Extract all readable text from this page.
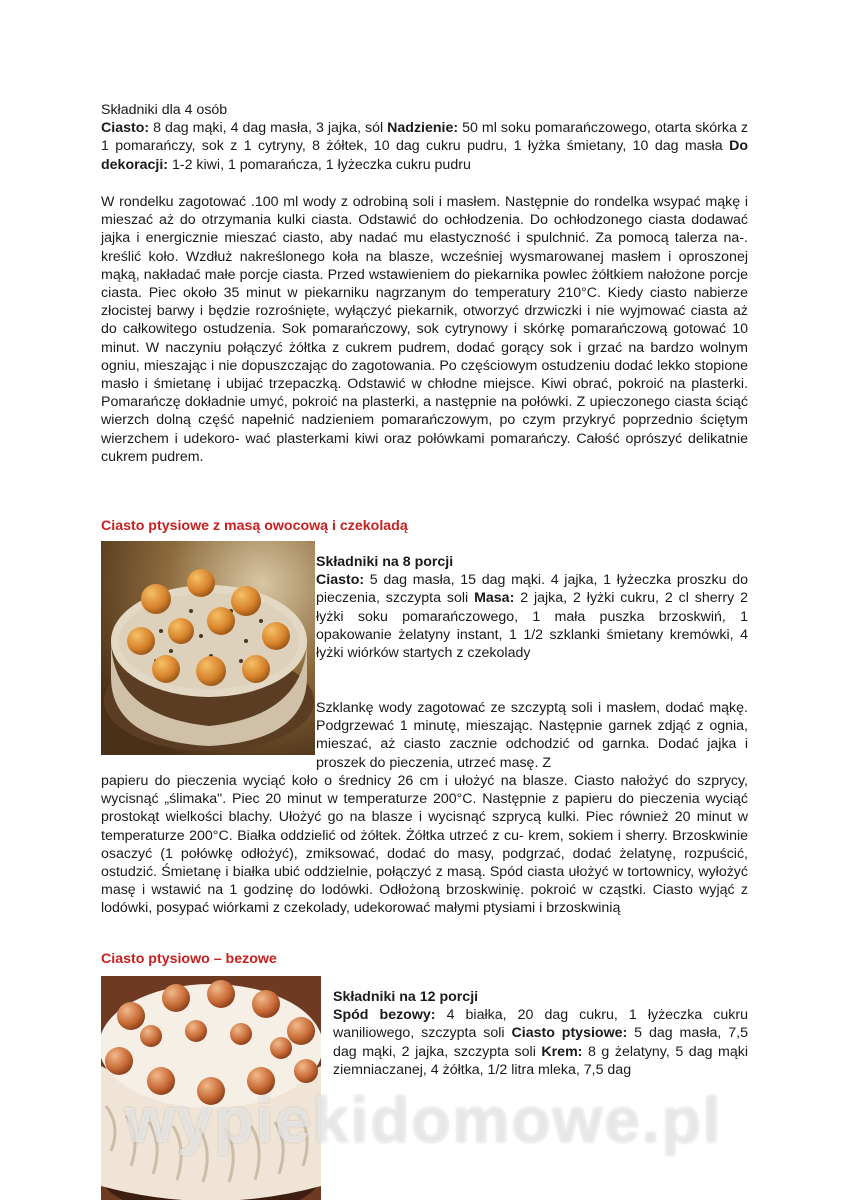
Składniki dla 4 osób

Ciasto: 8 dag mąki, 4 dag masła, 3 jajka, sól Nadzienie: 50 ml soku pomarańczowego, otarta skórka z 1 pomarańczy, sok z 1 cytryny, 8 żółtek, 10 dag cukru pudru, 1 łyżka śmietany, 10 dag masła Do dekoracji: 1-2 kiwi, 1 pomarańcza, 1 łyżeczka cukru pudru

W rondelku zagotować .100 ml wody z odrobiną soli i masłem. Następnie do rondelka wsypać mąkę i mieszać aż do otrzymania kulki ciasta. Odstawić do ochłodzenia. Do ochłodzonego ciasta dodawać jajka i energicznie mieszać ciasto, aby nadać mu elastyczność i spulchnić. Za pomocą talerza na-. kreślić koło. Wzdłuż nakreślonego koła na blasze, wcześniej wysmarowanej masłem i oproszonej mąką, nakładać małe porcje ciasta. Przed wstawieniem do piekarnika powlec żółtkiem nałożone porcje ciasta. Piec około 35 minut w piekarniku nagrzanym do temperatury 210°C. Kiedy ciasto nabierze złocistej barwy i będzie rozrośnięte, wyłączyć piekarnik, otworzyć drzwiczki i nie wyjmować ciasta aż do całkowitego ostudzenia. Sok pomarańczowy, sok cytrynowy i skórkę pomarańczową gotować 10 minut. W naczyniu połączyć żółtka z cukrem pudrem, dodać gorący sok i grzać na bardzo wolnym ogniu, mieszając i nie dopuszczając do zagotowania. Po częściowym ostudzeniu dodać lekko stopione masło i śmietanę i ubijać trzepaczką. Odstawić w chłodne miejsce. Kiwi obrać, pokroić na plasterki. Pomarańczę dokładnie umyć, pokroić na plasterki, a następnie na połówki. Z upieczonego ciasta ściąć wierzch dolną część napełnić nadzieniem pomarańczowym, po czym przykryć poprzednio ściętym wierzchem i udekoro- wać plasterkami kiwi oraz połówkami pomarańczy. Całość oprószyć delikatnie cukrem pudrem.

Ciasto ptysiowe z masą owocową i czekoladą

Składniki na 8 porcji

Ciasto: 5 dag masła, 15 dag mąki. 4 jajka, 1 łyżeczka proszku do pieczenia, szczypta soli Masa: 2 jajka, 2 łyżki cukru, 2 cl sherry 2 łyżki soku pomarańczowego, 1 mała puszka brzoskwiń, 1 opakowanie żelatyny instant, 1 1/2 szklanki śmietany kremówki, 4 łyżki wiórków startych z czekolady

Szklankę wody zagotować ze szczyptą soli i masłem, dodać mąkę. Podgrzewać 1 minutę, mieszając. Następnie garnek zdjąć z ognia, mieszać, aż ciasto zacznie odchodzić od garnka. Dodać jajka i proszek do pieczenia, utrzeć masę. Z

papieru do pieczenia wyciąć koło o średnicy 26 cm i ułożyć na blasze. Ciasto nałożyć do szprycy, wycisnąć „ślimaka". Piec 20 minut w temperaturze 200°C. Następnie z papieru do pieczenia wyciąć prostokąt wielkości blachy. Ułożyć go na blasze i wycisnąć szprycą kulki. Piec również 20 minut w temperaturze 200°C. Białka oddzielić od żółtek. Żółtka utrzeć z cu- krem, sokiem i sherry. Brzoskwinie osaczyć (1 połówkę odłożyć), zmiksować, dodać do masy, podgrzać, dodać żelatynę, rozpuścić, ostudzić. Śmietanę i białka ubić oddzielnie, połączyć z masą. Spód ciasta ułożyć w tortownicy, wyłożyć masę i wstawić na 1 godzinę do lodówki. Odłożoną brzoskwinię. pokroić w cząstki. Ciasto wyjąć z lodówki, posypać wiórkami z czekolady, udekorować małymi ptysiami i brzoskwinią

Ciasto ptysiowo – bezowe

Składniki na 12 porcji

Spód bezowy: 4 białka, 20 dag cukru, 1 łyżeczka cukru waniliowego, szczypta soli Ciasto ptysiowe: 5 dag masła, 7,5 dag mąki, 2 jajka, szczypta soli Krem: 8 g żelatyny, 5 dag mąki ziemniaczanej, 4 żółtka, 1/2 litra mleka, 7,5 dag

wypiekidomowe.pl
